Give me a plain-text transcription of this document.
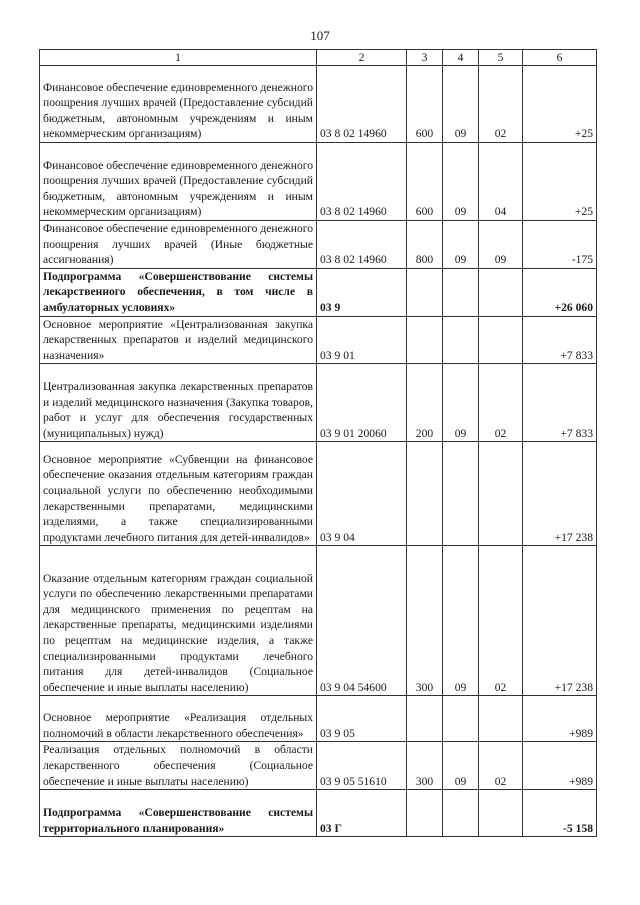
107
1	2	3	4	5	6
Финансовое обеспечение единовременного денежного поощрения лучших врачей (Предоставление субсидий бюджетным, автономным учреждениям и иным некоммерческим организациям)	03 8 02 14960	600	09	02	+25
Финансовое обеспечение единовременного денежного поощрения лучших врачей (Предоставление субсидий бюджетным, автономным учреждениям и иным некоммерческим организациям)	03 8 02 14960	600	09	04	+25
Финансовое обеспечение единовременного денежного поощрения лучших врачей (Иные бюджетные ассигнования)	03 8 02 14960	800	09	09	-175
Подпрограмма «Совершенствование системы лекарственного обеспечения, в том числе в амбулаторных условиях»	03 9				+26 060
Основное мероприятие «Централизованная закупка лекарственных препаратов и изделий медицинского назначения»	03 9 01				+7 833
Централизованная закупка лекарственных препаратов и изделий медицинского назначения (Закупка товаров, работ и услуг для обеспечения государственных (муниципальных) нужд)	03 9 01 20060	200	09	02	+7 833
Основное мероприятие «Субвенции на финансовое обеспечение оказания отдельным категориям граждан социальной услуги по обеспечению необходимыми лекарственными препаратами, медицинскими изделиями, а также специализированными продуктами лечебного питания для детей-инвалидов»	03 9 04				+17 238
Оказание отдельным категориям граждан социальной услуги по обеспечению лекарственными препаратами для медицинского применения по рецептам на лекарственные препараты, медицинскими изделиями по рецептам на медицинские изделия, а также специализированными продуктами лечебного питания для детей-инвалидов (Социальное обеспечение и иные выплаты населению)	03 9 04 54600	300	09	02	+17 238
Основное мероприятие «Реализация отдельных полномочий в области лекарственного обеспечения»	03 9 05				+989
Реализация отдельных полномочий в области лекарственного обеспечения (Социальное обеспечение и иные выплаты населению)	03 9 05 51610	300	09	02	+989
Подпрограмма «Совершенствование системы территориального планирования»	03 Г				-5 158
